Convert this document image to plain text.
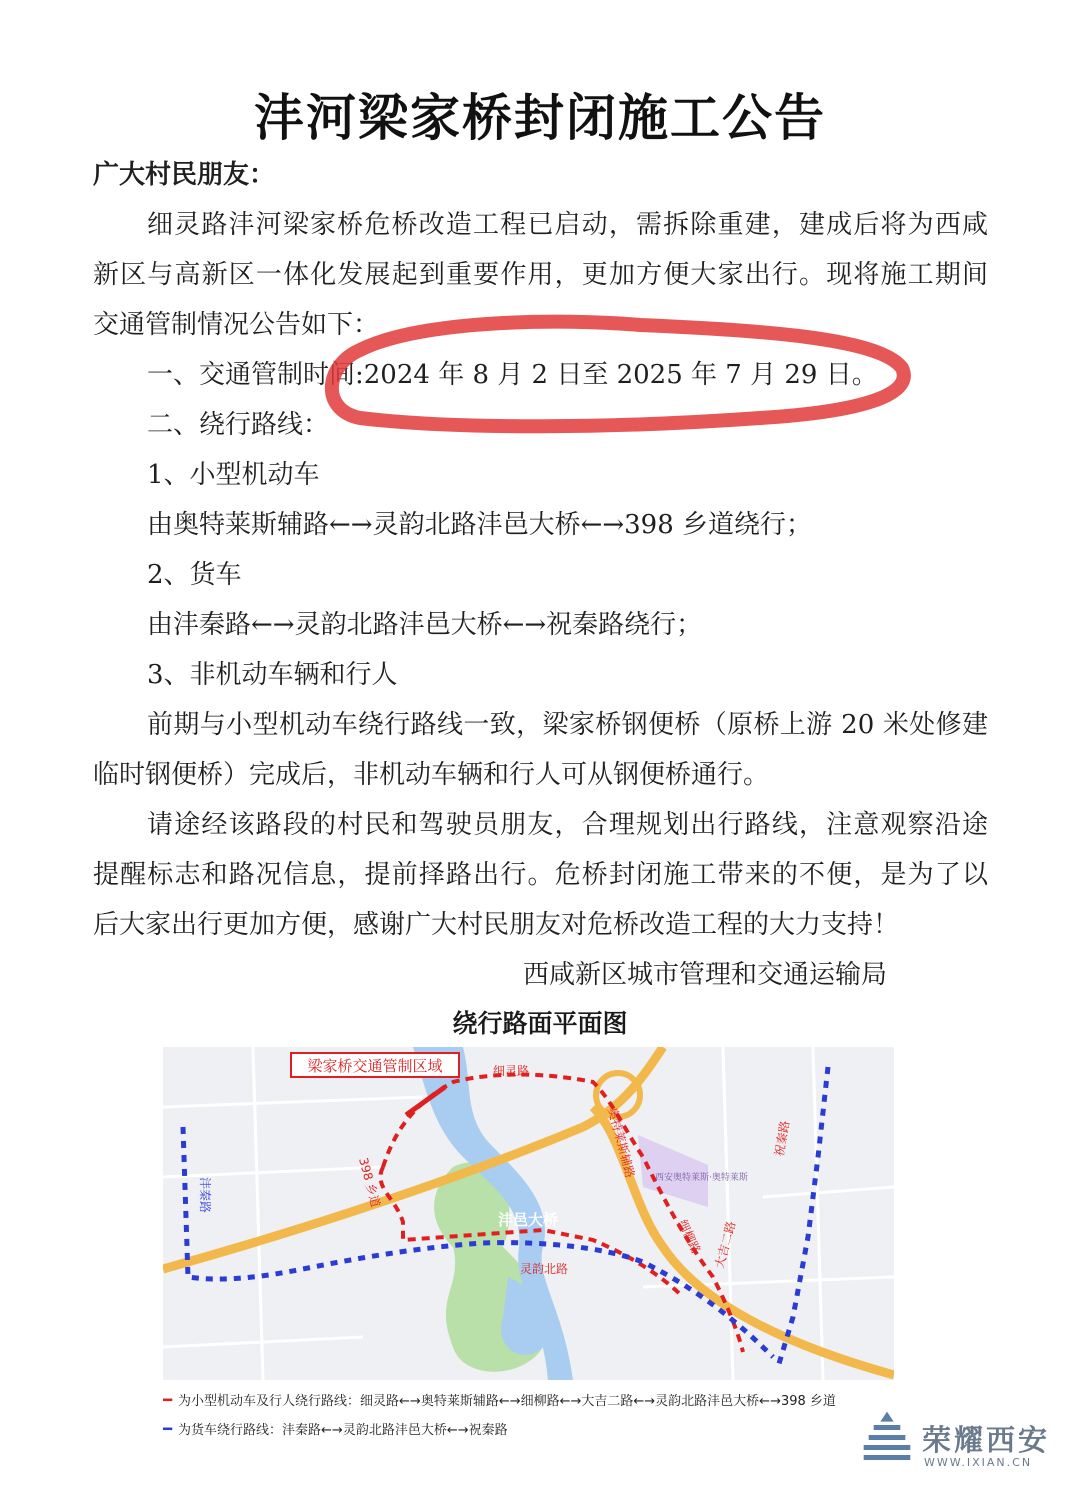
沣河梁家桥封闭施工公告
广大村民朋友：
细灵路沣河梁家桥危桥改造工程已启动，需拆除重建，建成后将为西咸
新区与高新区一体化发展起到重要作用，更加方便大家出行。现将施工期间
交通管制情况公告如下：
一、交通管制时间:2024 年 8 月 2 日至 2025 年 7 月 29 日。
二、绕行路线：
1、小型机动车
由奥特莱斯辅路←→灵韵北路沣邑大桥←→398 乡道绕行；
2、货车
由沣秦路←→灵韵北路沣邑大桥←→祝秦路绕行；
3、非机动车辆和行人
前期与小型机动车绕行路线一致，梁家桥钢便桥（原桥上游 20 米处修建
临时钢便桥）完成后，非机动车辆和行人可从钢便桥通行。
请途经该路段的村民和驾驶员朋友，合理规划出行路线，注意观察沿途
提醒标志和路况信息，提前择路出行。危桥封闭施工带来的不便，是为了以
后大家出行更加方便，感谢广大村民朋友对危桥改造工程的大力支持！
西咸新区城市管理和交通运输局
绕行路面平面图
梁家桥交通管制区域	细灵路
398 乡道
沣秦路
沣邑大桥
灵韵北路
奥特莱斯辅路
细柳路 大吉二路
祝秦路
西安奥特莱斯·奥特莱斯
━ 为小型机动车及行人绕行路线：细灵路←→奥特莱斯辅路←→细柳路←→大吉二路←→灵韵北路沣邑大桥←→398 乡道
━ 为货车绕行路线：沣秦路←→灵韵北路沣邑大桥←→祝秦路	荣耀西安
WWW.IXIAN.CN
